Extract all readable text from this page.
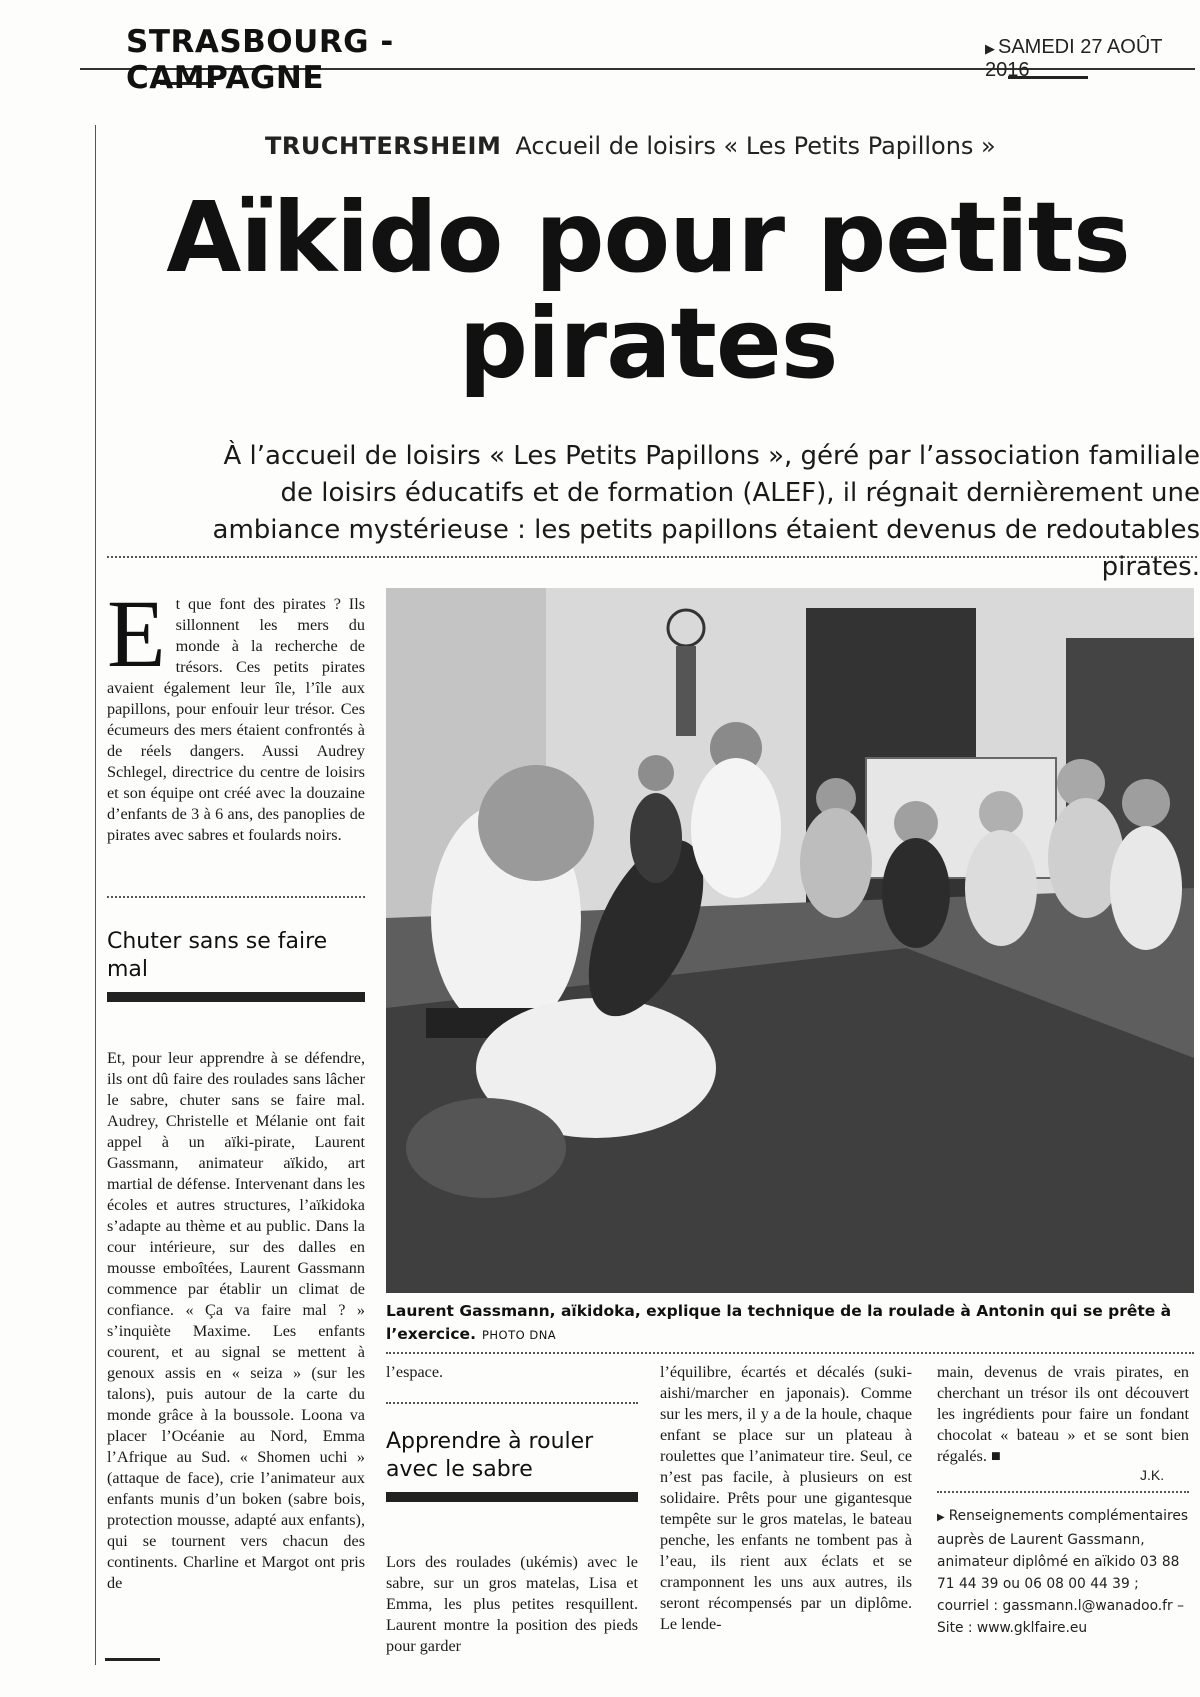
STRASBOURG - CAMPAGNE
▶ SAMEDI 27 AOÛT 2016
TRUCHTERSHEIM Accueil de loisirs « Les Petits Papillons »
Aïkido pour petits pirates
À l’accueil de loisirs « Les Petits Papillons », géré par l’association familiale de loisirs éducatifs et de formation (ALEF), il régnait dernièrement une ambiance mystérieuse : les petits papillons étaient devenus de redoutables pirates.
E t que font des pirates ? Ils sillonnent les mers du monde à la recherche de trésors. Ces petits pirates avaient également leur île, l’île aux papillons, pour enfouir leur trésor. Ces écumeurs des mers étaient confrontés à de réels dangers. Aussi Audrey Schlegel, directrice du centre de loisirs et son équipe ont créé avec la douzaine d’enfants de 3 à 6 ans, des panoplies de pirates avec sabres et foulards noirs.

Chuter sans se faire mal

Et, pour leur apprendre à se défendre, ils ont dû faire des roulades sans lâcher le sabre, chuter sans se faire mal. Audrey, Christelle et Mélanie ont fait appel à un aïki-pirate, Laurent Gassmann, animateur aïkido, art martial de défense. Intervenant dans les écoles et autres structures, l’aïkidoka s’adapte au thème et au public. Dans la cour intérieure, sur des dalles en mousse emboîtées, Laurent Gassmann commence par établir un climat de confiance. « Ça va faire mal ? » s’inquiète Maxime. Les enfants courent, et au signal se mettent à genoux assis en « seiza » (sur les talons), puis autour de la carte du monde grâce à la boussole. Loona va placer l’Océanie au Nord, Emma l’Afrique au Sud. « Shomen uchi » (attaque de face), crie l’animateur aux enfants munis d’un boken (sabre bois, protection mousse, adapté aux enfants), qui se tournent vers chacun des continents. Charline et Margot ont pris de

Laurent Gassmann, aïkidoka, explique la technique de la roulade à Antonin qui se prête à l’exercice. PHOTO DNA

l’espace.

Apprendre à rouler avec le sabre

Lors des roulades (ukémis) avec le sabre, sur un gros matelas, Lisa et Emma, les plus petites resquillent. Laurent montre la position des pieds pour garder

l’équilibre, écartés et décalés (suki-aishi/marcher en japonais). Comme sur les mers, il y a de la houle, chaque enfant se place sur un plateau à roulettes que l’animateur tire. Seul, ce n’est pas facile, à plusieurs on est solidaire. Prêts pour une gigantesque tempête sur le gros matelas, le bateau penche, les enfants ne tombent pas à l’eau, ils rient aux éclats et se cramponnent les uns aux autres, ils seront récompensés par un diplôme. Le lende-

main, devenus de vrais pirates, en cherchant un trésor ils ont découvert les ingrédients pour faire un fondant chocolat « bateau » et se sont bien régalés. ■

J.K.
▶ Renseignements complémentaires auprès de Laurent Gassmann, animateur diplômé en aïkido 03 88 71 44 39 ou 06 08 00 44 39 ; courriel : gassmann.l@wanadoo.fr – Site : www.gklfaire.eu
